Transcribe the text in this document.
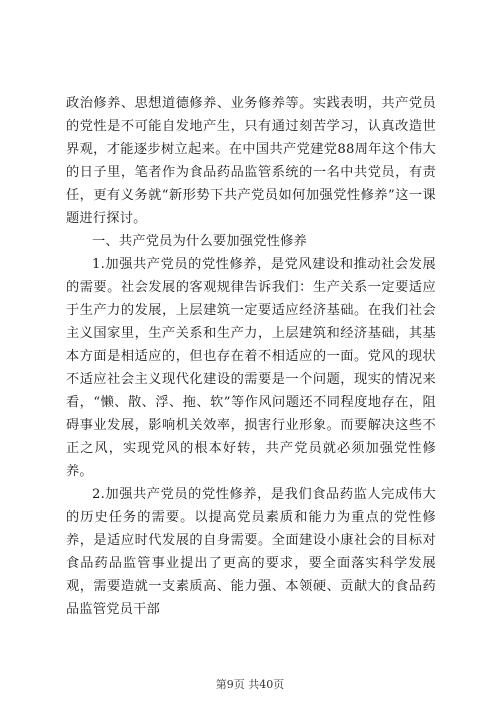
政治修养、思想道德修养、业务修养等。实践表明，共产党员的党性是不可能自发地产生，只有通过刻苦学习，认真改造世界观，才能逐步树立起来。在中国共产党建党88周年这个伟大的日子里，笔者作为食品药品监管系统的一名中共党员，有责任，更有义务就“新形势下共产党员如何加强党性修养”这一课题进行探讨。

一、共产党员为什么要加强党性修养

1.加强共产党员的党性修养，是党风建设和推动社会发展的需要。社会发展的客观规律告诉我们：生产关系一定要适应于生产力的发展，上层建筑一定要适应经济基础。在我们社会主义国家里，生产关系和生产力，上层建筑和经济基础，其基本方面是相适应的，但也存在着不相适应的一面。党风的现状不适应社会主义现代化建设的需要是一个问题，现实的情况来看，“懒、散、浮、拖、软”等作风问题还不同程度地存在，阻碍事业发展，影响机关效率，损害行业形象。而要解决这些不正之风，实现党风的根本好转，共产党员就必须加强党性修养。

2.加强共产党员的党性修养，是我们食品药监人完成伟大的历史任务的需要。以提高党员素质和能力为重点的党性修养，是适应时代发展的自身需要。全面建设小康社会的目标对食品药品监管事业提出了更高的要求，要全面落实科学发展观，需要造就一支素质高、能力强、本领硬、贡献大的食品药品监管党员干部

第9页 共40页
